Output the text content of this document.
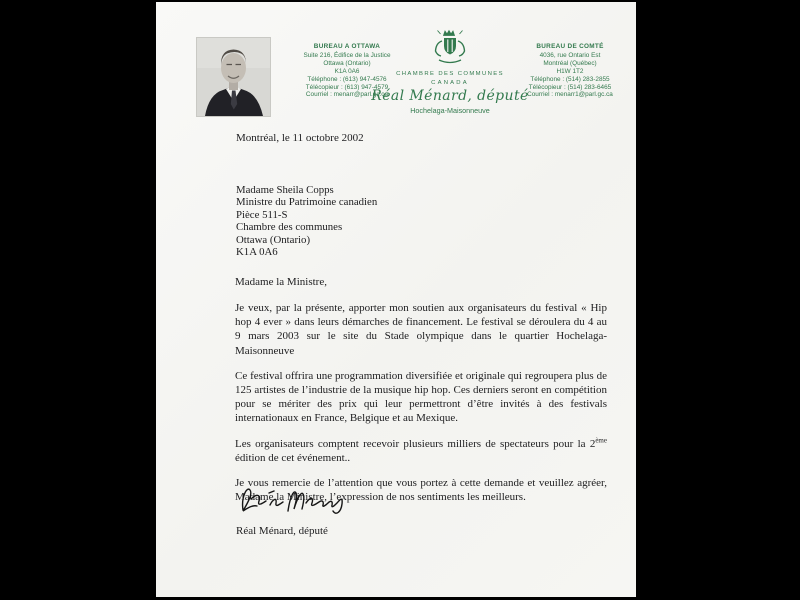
BUREAU A OTTAWA
Suite 216, Édifice de la Justice
Ottawa (Ontario)
K1A 0A6
Téléphone : (613) 947-4576
Télécopieur : (613) 947-4579
Courriel : menarr@parl.gc.ca
CHAMBRE DES COMMUNES
CANADA
Réal Ménard, député
Hochelaga-Maisonneuve
BUREAU DE COMTÉ
4036, rue Ontario Est
Montréal (Québec)
H1W 1T2
Téléphone : (514) 283-2855
Télécopieur : (514) 283-6465
Courriel : menarr1@parl.gc.ca
Montréal, le 11 octobre 2002
Madame Sheila Copps
Ministre du Patrimoine canadien
Pièce 511-S
Chambre des communes
Ottawa (Ontario)
K1A 0A6
Madame la Ministre,

Je veux, par la présente, apporter mon soutien aux organisateurs du festival « Hip hop 4 ever » dans leurs démarches de financement. Le festival se déroulera du 4 au 9 mars 2003 sur le site du Stade olympique dans le quartier Hochelaga-Maisonneuve

Ce festival offrira une programmation diversifiée et originale qui regroupera plus de 125 artistes de l’industrie de la musique hip hop. Ces derniers seront en compétition pour se mériter des prix qui leur permettront d’être invités à des festivals internationaux en France, Belgique et au Mexique.

Les organisateurs comptent recevoir plusieurs milliers de spectateurs pour la 2ème édition de cet événement..

Je vous remercie de l’attention que vous portez à cette demande et veuillez agréer, Madame la Ministre, l’expression de nos sentiments les meilleurs.

Réal Ménard, député
